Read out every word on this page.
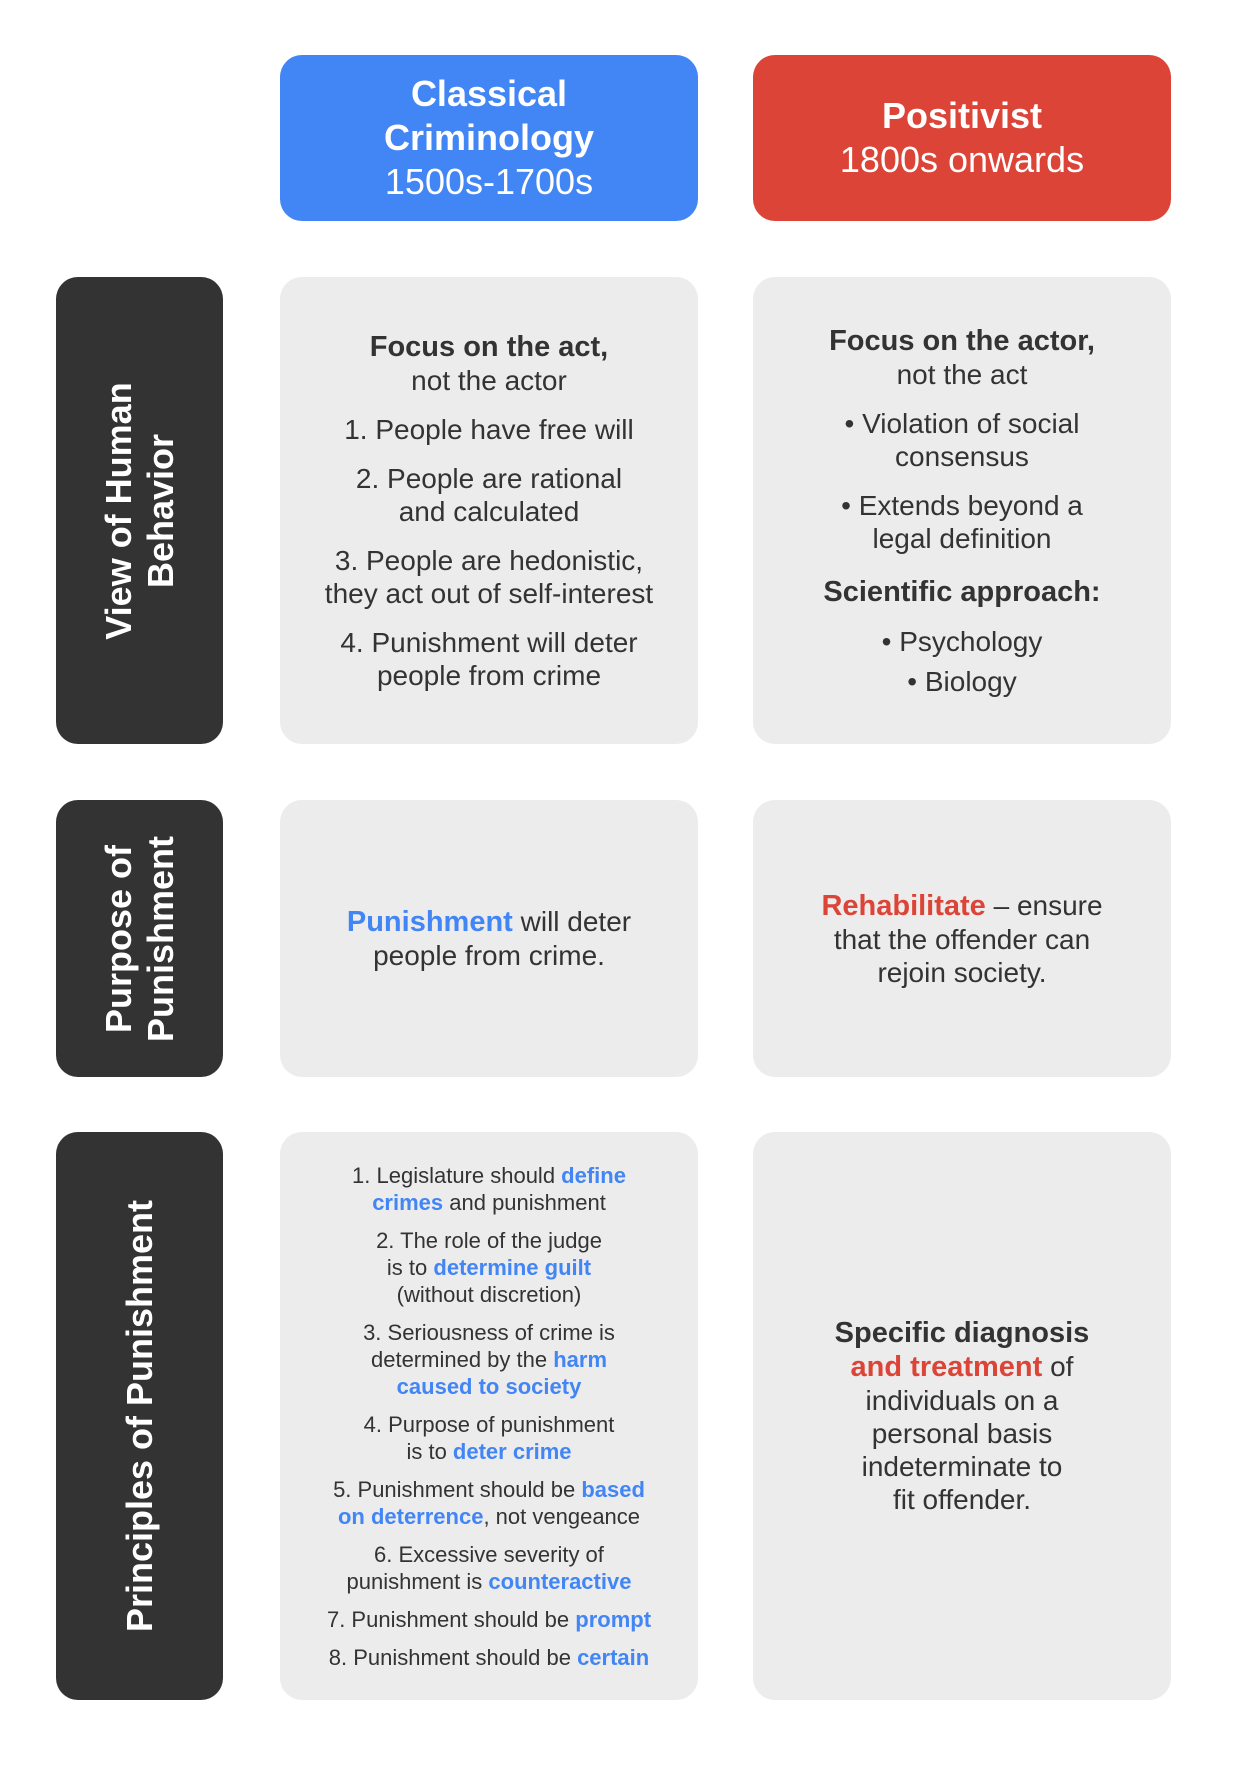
Classical
Criminology
1500s-1700s
Positivist
1800s onwards
View of Human Behavior
Focus on the act,
not the actor
1. People have free will
2. People are rational
and calculated
3. People are hedonistic,
they act out of self-interest
4. Punishment will deter
people from crime
Focus on the actor,
not the act
• Violation of social
consensus
• Extends beyond a
legal definition
Scientific approach:
• Psychology
• Biology
Purpose of Punishment	Punishment will deter
people from crime.
Rehabilitate – ensure
that the offender can
rejoin society.
Principles of Punishment
1. Legislature should define
crimes and punishment
2. The role of the judge
is to determine guilt
(without discretion)
3. Seriousness of crime is
determined by the harm
caused to society
4. Purpose of punishment
is to deter crime
5. Punishment should be based
on deterrence, not vengeance
6. Excessive severity of
punishment is counteractive
7. Punishment should be prompt
8. Punishment should be certain
Specific diagnosis
and treatment of
individuals on a
personal basis
indeterminate to
fit offender.
